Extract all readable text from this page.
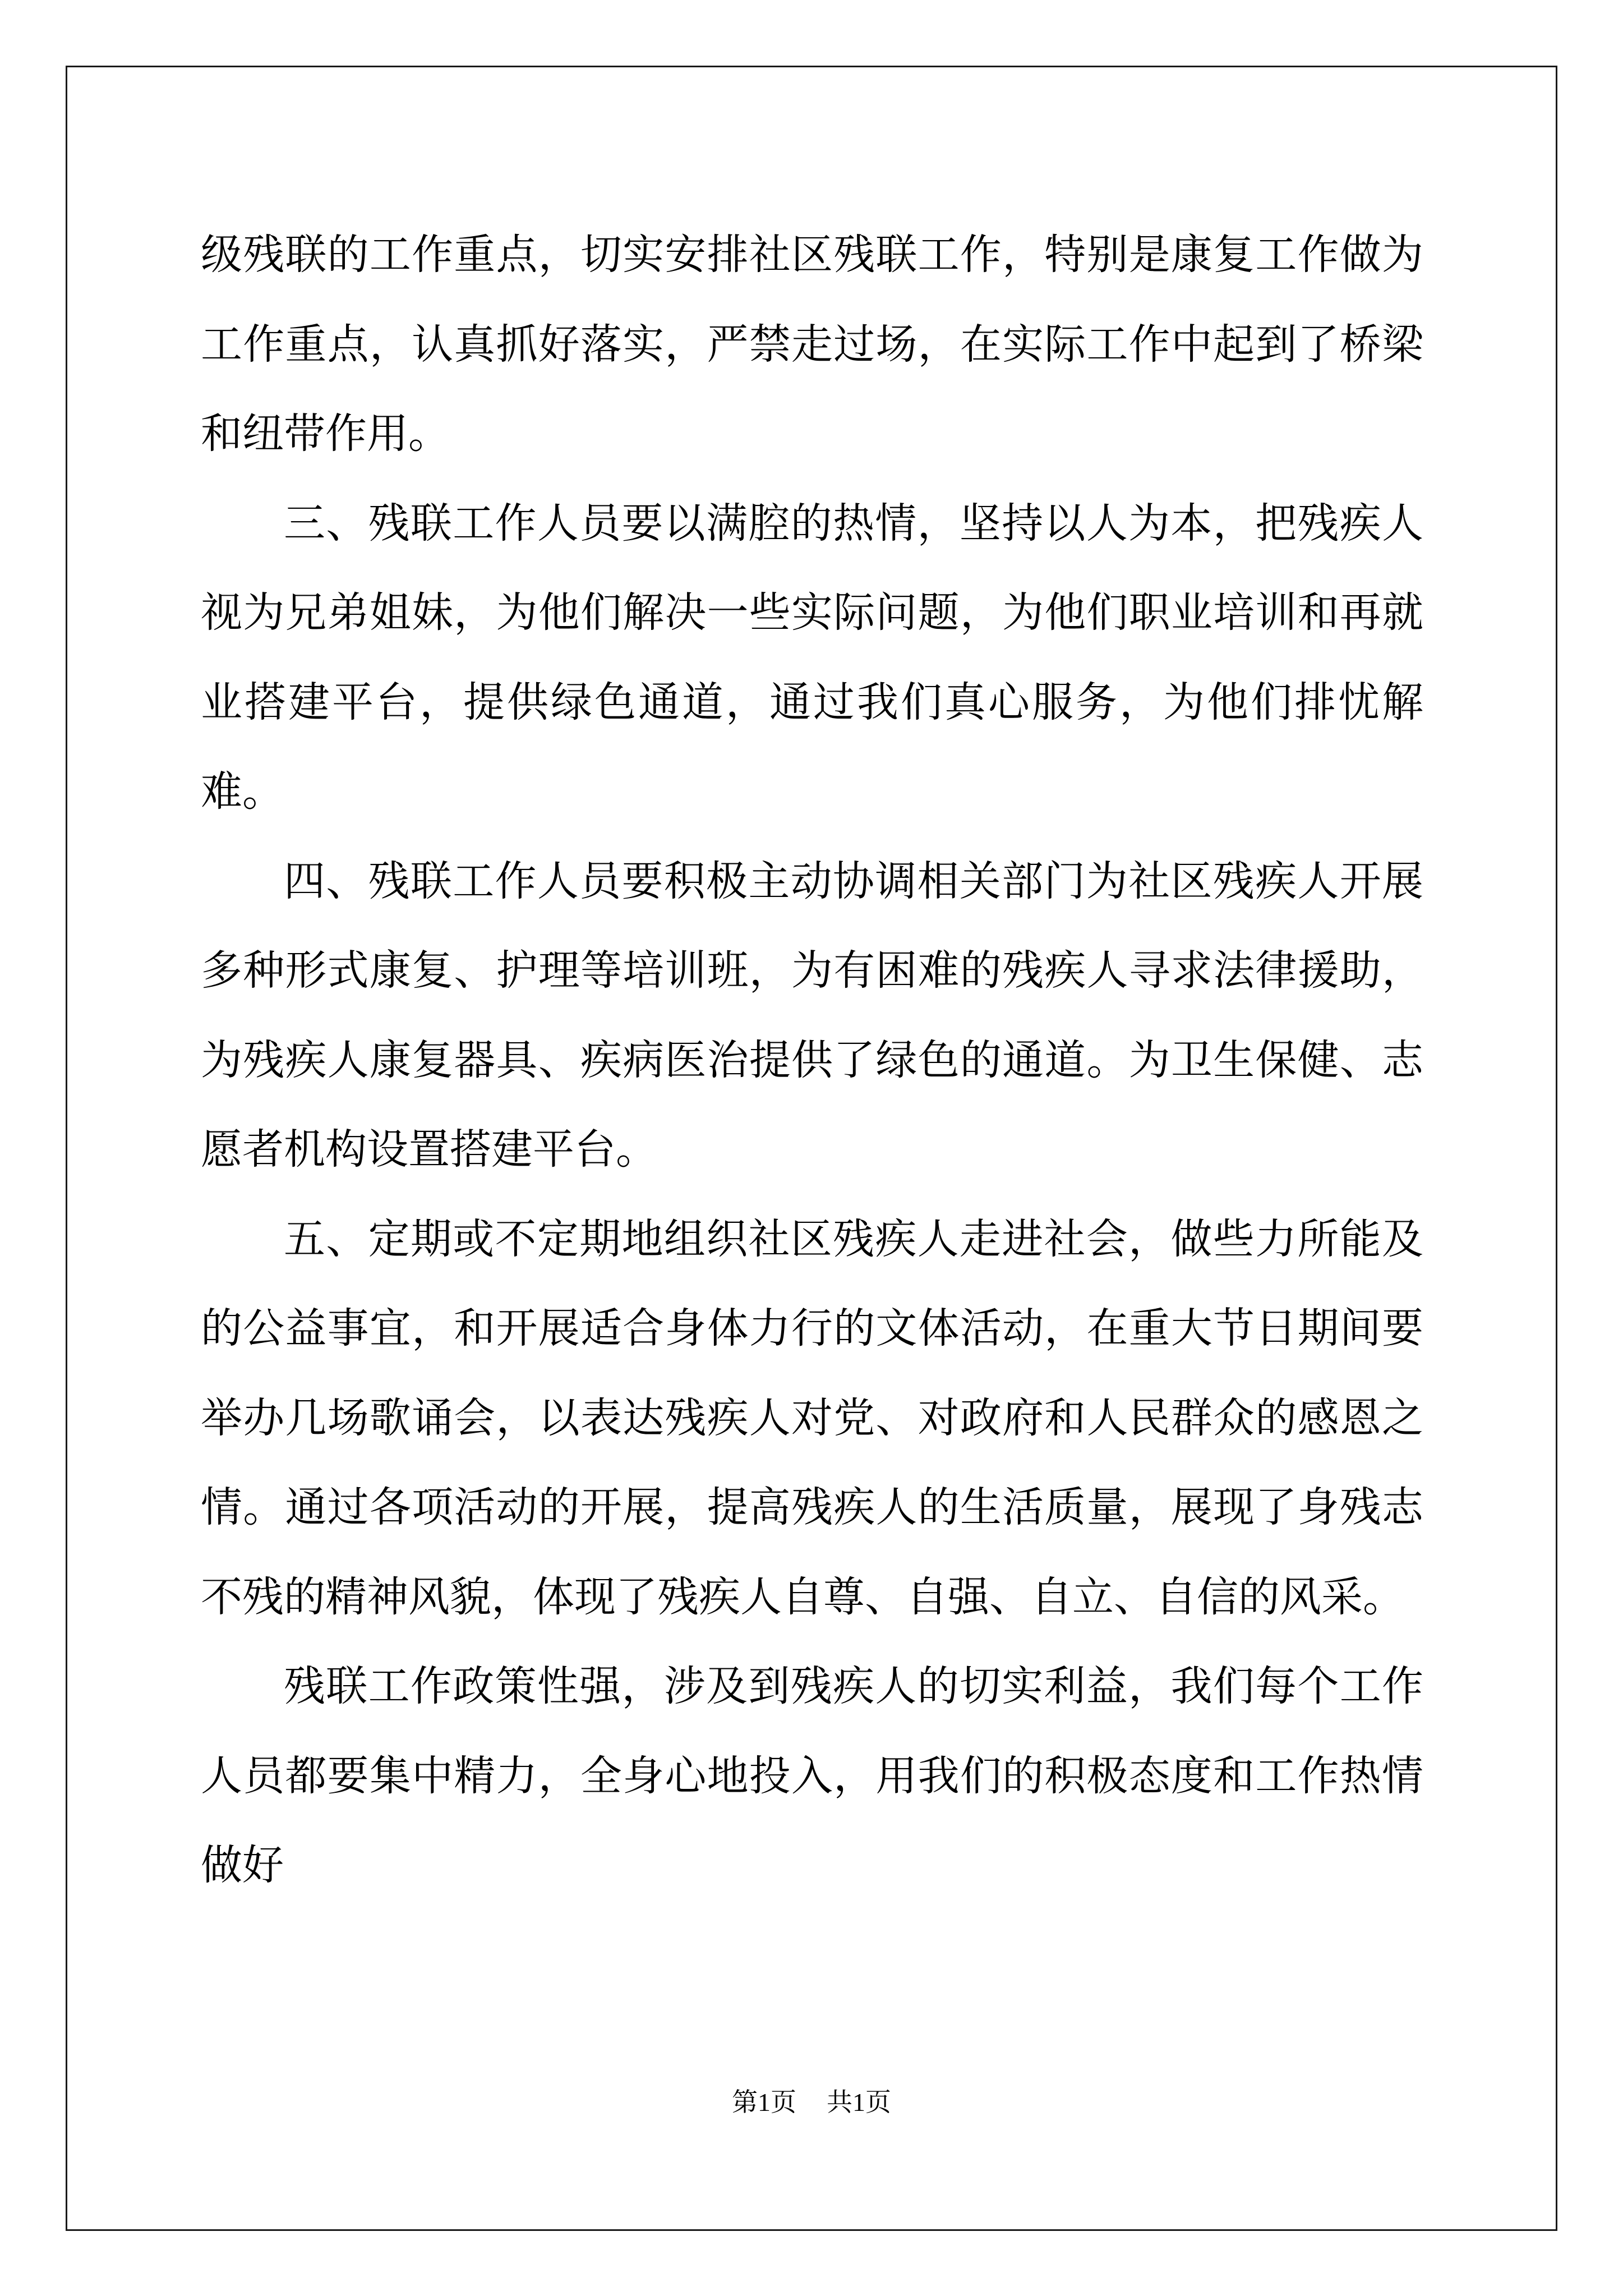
级残联的工作重点，切实安排社区残联工作，特别是康复工作做为工作重点，认真抓好落实，严禁走过场，在实际工作中起到了桥梁和纽带作用。

三、残联工作人员要以满腔的热情，坚持以人为本，把残疾人视为兄弟姐妹，为他们解决一些实际问题，为他们职业培训和再就业搭建平台，提供绿色通道，通过我们真心服务，为他们排忧解难。

四、残联工作人员要积极主动协调相关部门为社区残疾人开展多种形式康复、护理等培训班，为有困难的残疾人寻求法律援助，为残疾人康复器具、疾病医治提供了绿色的通道。为卫生保健、志愿者机构设置搭建平台。

五、定期或不定期地组织社区残疾人走进社会，做些力所能及的公益事宜，和开展适合身体力行的文体活动，在重大节日期间要举办几场歌诵会，以表达残疾人对党、对政府和人民群众的感恩之情。通过各项活动的开展，提高残疾人的生活质量，展现了身残志不残的精神风貌，体现了残疾人自尊、自强、自立、自信的风采。

残联工作政策性强，涉及到残疾人的切实利益，我们每个工作人员都要集中精力，全身心地投入，用我们的积极态度和工作热情做好

第1页 共1页
